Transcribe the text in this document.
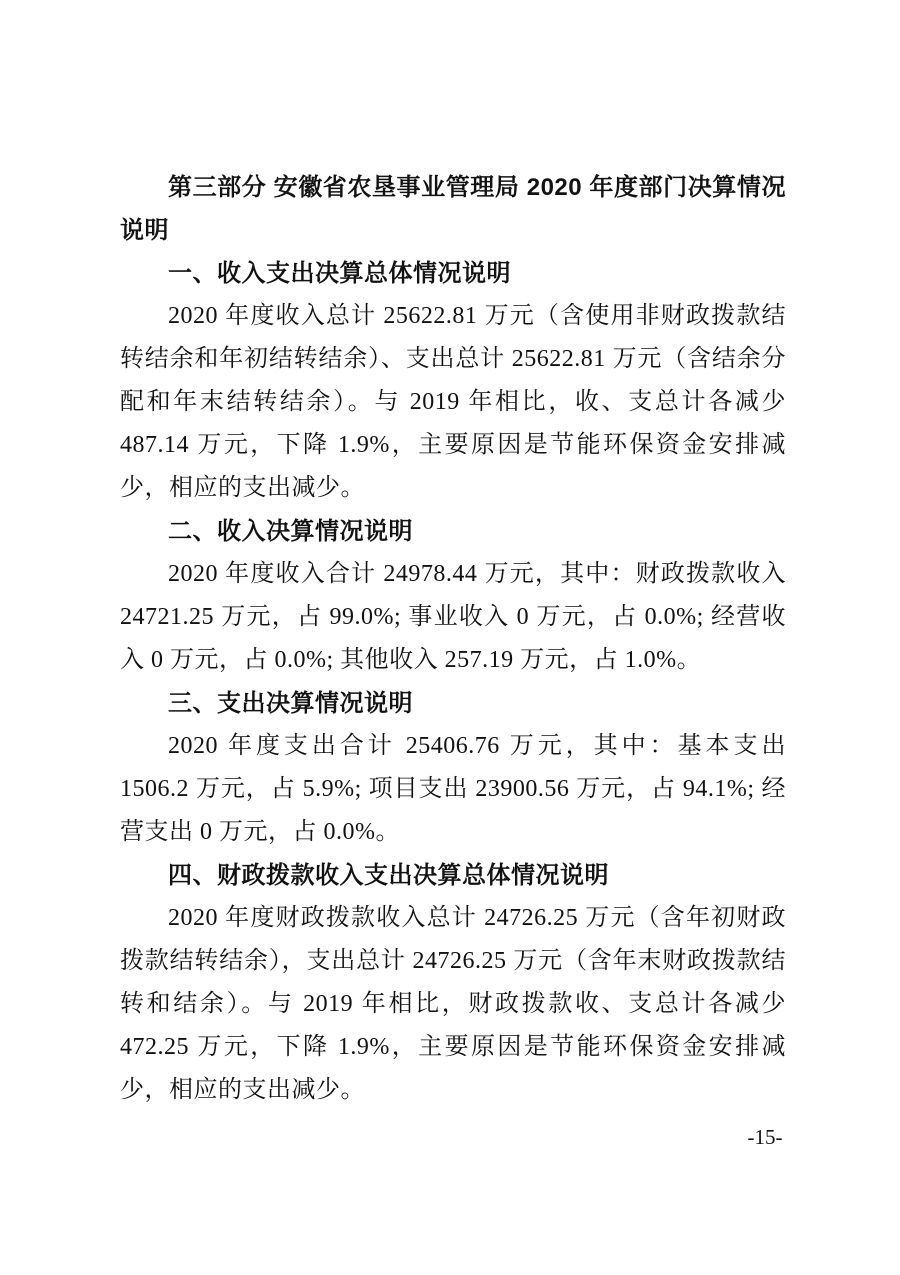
第三部分 安徽省农垦事业管理局 2020 年度部门决算情况说明

一、收入支出决算总体情况说明

2020 年度收入总计 25622.81 万元（含使用非财政拨款结转结余和年初结转结余）、支出总计 25622.81 万元（含结余分配和年末结转结余）。与 2019 年相比，收、支总计各减少 487.14 万元，下降 1.9%，主要原因是节能环保资金安排减少，相应的支出减少。

二、收入决算情况说明

2020 年度收入合计 24978.44 万元，其中：财政拨款收入 24721.25 万元，占 99.0%; 事业收入 0 万元，占 0.0%; 经营收入 0 万元，占 0.0%; 其他收入 257.19 万元，占 1.0%。

三、支出决算情况说明

2020 年度支出合计 25406.76 万元，其中：基本支出 1506.2 万元，占 5.9%; 项目支出 23900.56 万元，占 94.1%; 经营支出 0 万元，占 0.0%。

四、财政拨款收入支出决算总体情况说明

2020 年度财政拨款收入总计 24726.25 万元（含年初财政拨款结转结余），支出总计 24726.25 万元（含年末财政拨款结转和结余）。与 2019 年相比，财政拨款收、支总计各减少 472.25 万元，下降 1.9%，主要原因是节能环保资金安排减少，相应的支出减少。

-15-
